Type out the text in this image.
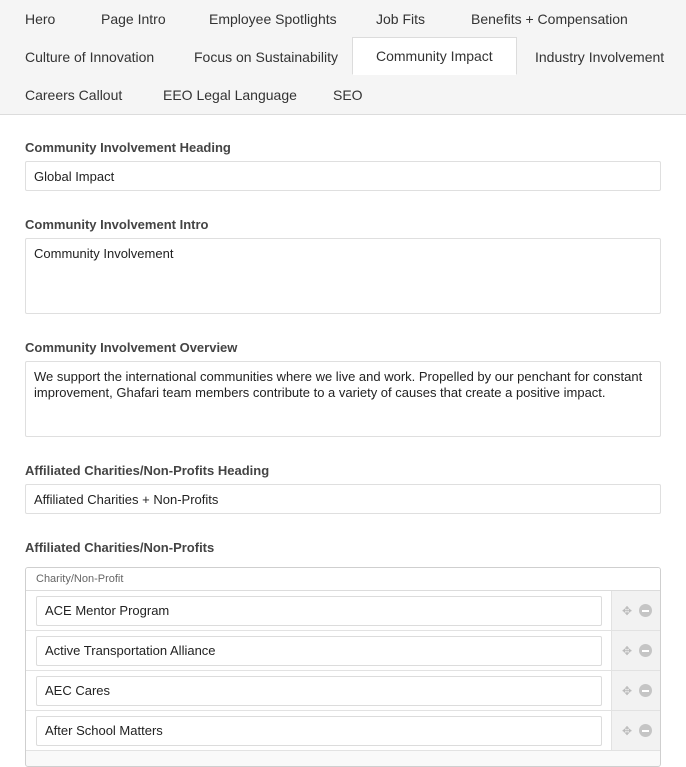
Hero	Page Intro	Employee Spotlights	Job Fits	Benefits + Compensation
Culture of Innovation	Focus on Sustainability	Community Impact	Industry Involvement
Careers Callout	EEO Legal Language	SEO
Community Involvement Heading
Global Impact
Community Involvement Intro
Community Involvement
Community Involvement Overview
We support the international communities where we live and work. Propelled by our penchant for constant improvement, Ghafari team members contribute to a variety of causes that create a positive impact.
Affiliated Charities/Non-Profits Heading
Affiliated Charities + Non-Profits
Affiliated Charities/Non-Profits
Charity/Non-Profit
ACE Mentor Program	✥
Active Transportation Alliance	✥
AEC Cares	✥
After School Matters	✥
